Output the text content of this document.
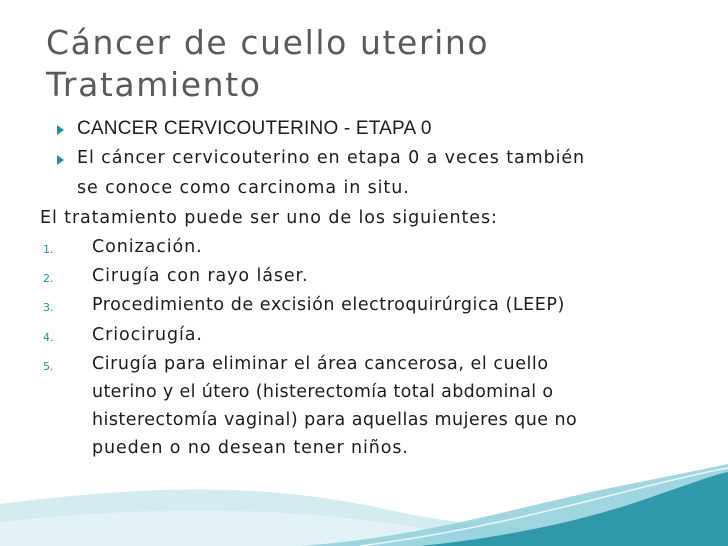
Cáncer de cuello uterino
Tratamiento
CANCER CERVICOUTERINO - ETAPA 0
El cáncer cervicouterino en etapa 0 a veces también
se conoce como carcinoma in situ.
El tratamiento puede ser uno de los siguientes:
1. Conización.
2. Cirugía con rayo láser.
3. Procedimiento de excisión electroquirúrgica (LEEP)
4. Criocirugía.
5. Cirugía para eliminar el área cancerosa, el cuello
uterino y el útero (histerectomía total abdominal o
histerectomía vaginal) para aquellas mujeres que no
pueden o no desean tener niños.
